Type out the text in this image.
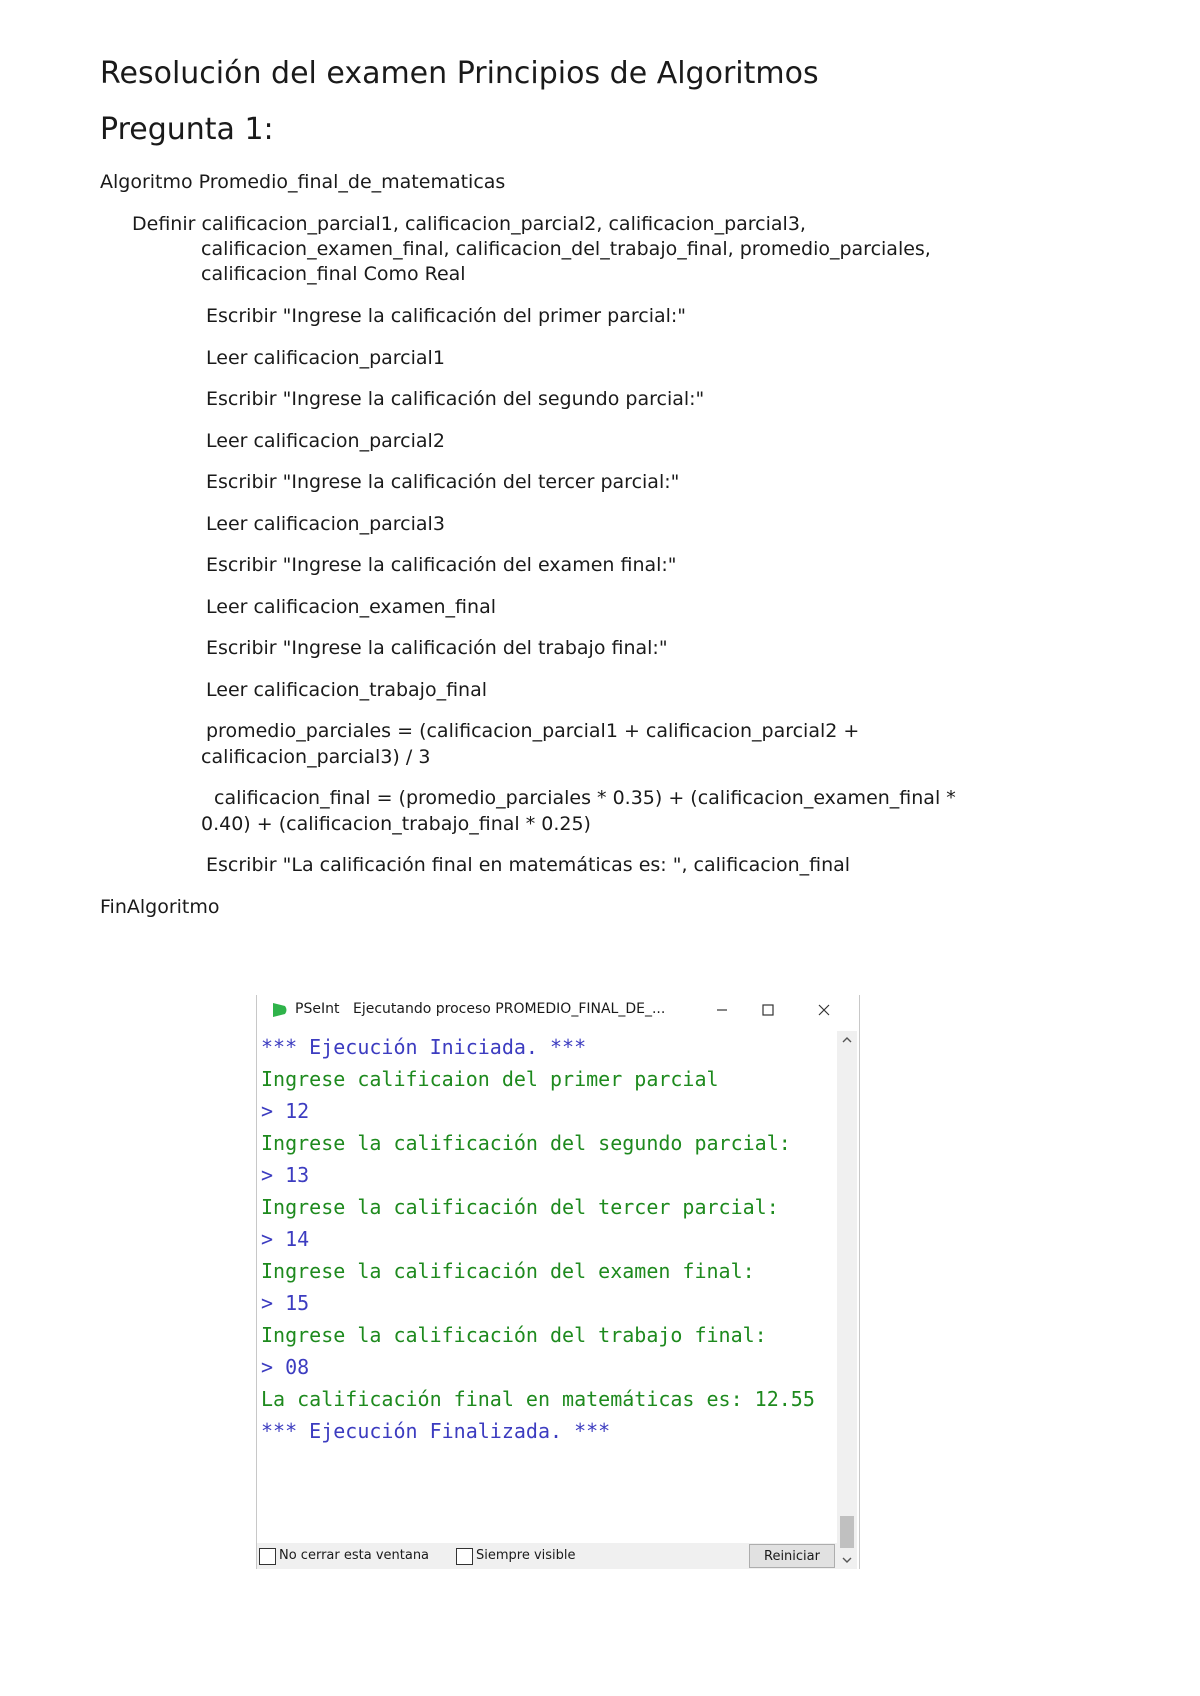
Resolución del examen Principios de Algoritmos
Pregunta 1:

Algoritmo Promedio_final_de_matematicas

Definir calificacion_parcial1, calificacion_parcial2, calificacion_parcial3,

calificacion_examen_final, calificacion_del_trabajo_final, promedio_parciales,

calificacion_final Como Real

Escribir "Ingrese la calificación del primer parcial:"

Leer calificacion_parcial1

Escribir "Ingrese la calificación del segundo parcial:"

Leer calificacion_parcial2

Escribir "Ingrese la calificación del tercer parcial:"

Leer calificacion_parcial3

Escribir "Ingrese la calificación del examen final:"

Leer calificacion_examen_final

Escribir "Ingrese la calificación del trabajo final:"

Leer calificacion_trabajo_final

promedio_parciales = (calificacion_parcial1 + calificacion_parcial2 +

calificacion_parcial3) / 3

calificacion_final = (promedio_parciales * 0.35) + (calificacion_examen_final *

0.40) + (calificacion_trabajo_final * 0.25)

Escribir "La calificación final en matemáticas es: ", calificacion_final

FinAlgoritmo

PSeInt Ejecutando proceso PROMEDIO_FINAL_DE_...
*** Ejecución Iniciada. ***
Ingrese calificaion del primer parcial
> 12
Ingrese la calificación del segundo parcial:
> 13
Ingrese la calificación del tercer parcial:
> 14
Ingrese la calificación del examen final:
> 15
Ingrese la calificación del trabajo final:
> 08
La calificación final en matemáticas es: 12.55
*** Ejecución Finalizada. ***
No cerrar esta ventana	Siempre visible	Reiniciar
